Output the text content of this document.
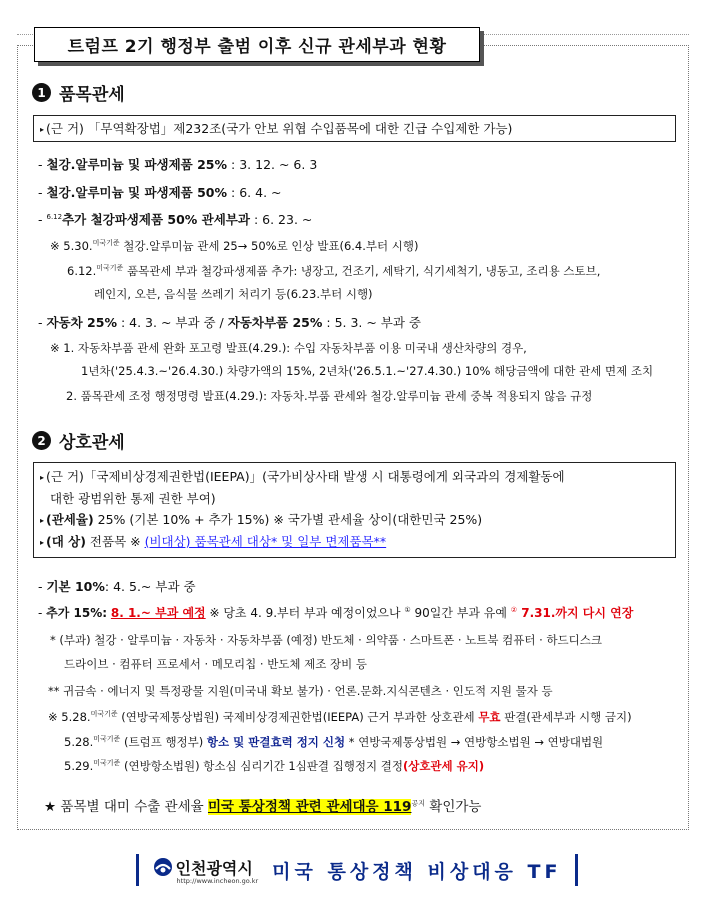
트럼프 2기 행정부 출범 이후 신규 관세부과 현황
1 품목관세
▸ (근 거) 「무역확장법」제232조(국가 안보 위협 수입품목에 대한 긴급 수입제한 가능)
- 철강.알루미늄 및 파생제품 25% : 3. 12. ~ 6. 3
- 철강.알루미늄 및 파생제품 50% : 6. 4. ~
- $^{6.12}$추가 철강파생제품 50% 관세부과 : 6. 23. ~
※ 5.30.$^{미국기준}$ 철강.알루미늄 관세 25→ 50%로 인상 발표(6.4.부터 시행)
6.12.$^{미국기준}$ 품목관세 부과 철강파생제품 추가: 냉장고, 건조기, 세탁기, 식기세척기, 냉동고, 조리용 스토브,
레인지, 오븐, 음식물 쓰레기 처리기 등(6.23.부터 시행)
- 자동차 25% : 4. 3. ~ 부과 중 / 자동차부품 25% : 5. 3. ~ 부과 중
※ 1. 자동차부품 관세 완화 포고령 발표(4.29.): 수입 자동차부품 이용 미국내 생산차량의 경우,
1년차('25.4.3.~'26.4.30.) 차량가액의 15%, 2년차('26.5.1.~'27.4.30.) 10% 해당금액에 대한 관세 면제 조치
2. 품목관세 조정 행정명령 발표(4.29.): 자동차.부품 관세와 철강.알루미늄 관세 중복 적용되지 않음 규정
2 상호관세
▸ (근 거)「국제비상경제권한법(IEEPA)」(국가비상사태 발생 시 대통령에게 외국과의 경제활동에
대한 광범위한 통제 권한 부여)
▸ (관세율) 25% (기본 10% + 추가 15%) ※ 국가별 관세율 상이(대한민국 25%)
▸ (대 상) 전품목 ※ (비대상) 품목관세 대상* 및 일부 면제품목**
- 기본 10%: 4. 5.~ 부과 중
- 추가 15%: 8. 1.~ 부과 예정 ※ 당초 4. 9.부터 부과 예정이었으나 ① 90일간 부과 유예 ② 7.31.까지 다시 연장
* (부과) 철강 · 알루미늄 · 자동차 · 자동차부품 (예정) 반도체 · 의약품 · 스마트폰 · 노트북 컴퓨터 · 하드디스크
드라이브 · 컴퓨터 프로세서 · 메모리칩 · 반도체 제조 장비 등
** 귀금속 · 에너지 및 특정광물 지원(미국내 확보 불가) · 언론.문화.지식콘텐츠 · 인도적 지원 물자 등
※ 5.28.$^{미국기준}$ (연방국제통상법원) 국제비상경제권한법(IEEPA) 근거 부과한 상호관세 무효 판결(관세부과 시행 금지)
5.28.$^{미국기준}$ (트럼프 행정부) 항소 및 판결효력 정지 신청 * 연방국제통상법원 → 연방항소법원 → 연방대법원
5.29.$^{미국기준}$ (연방항소법원) 항소심 심리기간 1심판결 집행정지 결정(상호관세 유지)
★ 품목별 대미 수출 관세율 미국 통상정책 관련 관세대응 $119^{공지}$ 확인가능
인천광역시
http://www.incheon.go.kr 미국 통상정책 비상대응 TF
